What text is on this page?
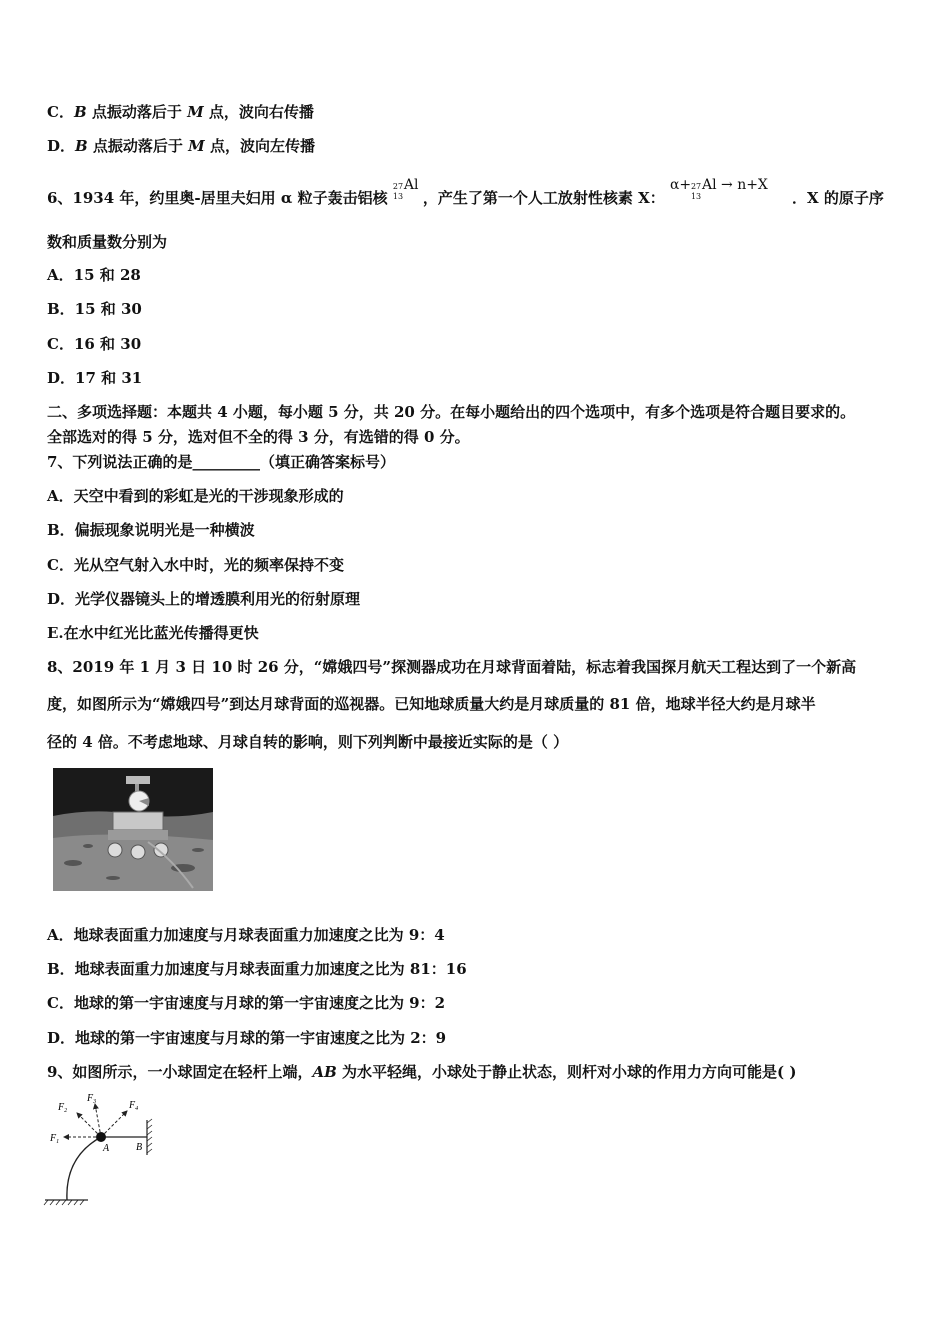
C．B 点振动落后于 M 点，波向右传播
D．B 点振动落后于 M 点，波向左传播
6、1934 年，约里奥-居里夫妇用 α 粒子轰击铝核
27
13
Al
，产生了第一个人工放射性核素 X：
α+ 27
13
Al → n+X
．X 的原子序
数和质量数分别为
A．15 和 28
B．15 和 30
C．16 和 30
D．17 和 31
二、多项选择题：本题共 4 小题，每小题 5 分，共 20 分。在每小题给出的四个选项中，有多个选项是符合题目要求的。
全部选对的得 5 分，选对但不全的得 3 分，有选错的得 0 分。
7、下列说法正确的是_________（填正确答案标号）
A．天空中看到的彩虹是光的干涉现象形成的
B．偏振现象说明光是一种横波
C．光从空气射入水中时，光的频率保持不变
D．光学仪器镜头上的增透膜利用光的衍射原理
E.在水中红光比蓝光传播得更快
8、2019 年 1 月 3 日 10 时 26 分，“嫦娥四号”探测器成功在月球背面着陆，标志着我国探月航天工程达到了一个新高
度，如图所示为“嫦娥四号”到达月球背面的巡视器。已知地球质量大约是月球质量的 81 倍，地球半径大约是月球半
径的 4 倍。不考虑地球、月球自转的影响，则下列判断中最接近实际的是（ ）
A．地球表面重力加速度与月球表面重力加速度之比为 9：4
B．地球表面重力加速度与月球表面重力加速度之比为 81：16
C．地球的第一宇宙速度与月球的第一宇宙速度之比为 9：2
D．地球的第一宇宙速度与月球的第一宇宙速度之比为 2：9
9、如图所示，一小球固定在轻杆上端，AB 为水平轻绳，小球处于静止状态，则杆对小球的作用力方向可能是( )
$F_1$
$F_2$
$F_3$	$F_4$
A	B
